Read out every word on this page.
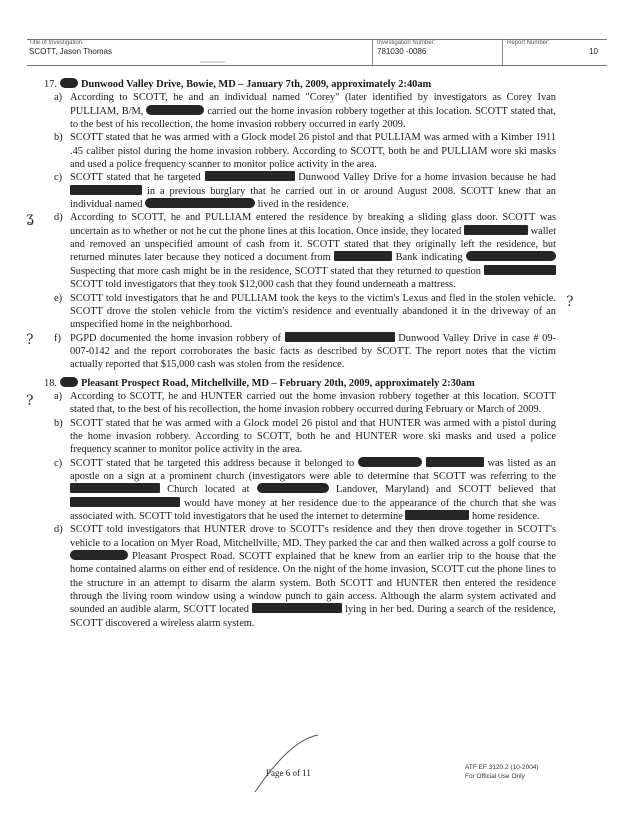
Title of Investigation:
SCOTT, Jason Thomas
Investigation Number:
781030 -0086
Report Number:
10
17. Dunwood Valley Drive, Bowie, MD – January 7th, 2009, approximately 2:40am
a) According to SCOTT, he and an individual named "Corey" (later identified by investigators as Corey Ivan PULLIAM, B/M,	carried out the home invasion robbery together at this location. SCOTT stated that, to the best of his recollection, the home invasion robbery occurred in early 2009.

b) SCOTT stated that he was armed with a Glock model 26 pistol and that PULLIAM was armed with a Kimber 1911 .45 caliber pistol during the home invasion robbery. According to SCOTT, both he and PULLIAM wore ski masks and used a police frequency scanner to monitor police activity in the area.

c) SCOTT stated that he targeted	Dunwood Valley Drive for a home invasion because he had  in a previous burglary that he carried out in or around August 2008. SCOTT knew that an individual named	lived in the residence.

d) According to SCOTT, he and PULLIAM entered the residence by breaking a sliding glass door. SCOTT was uncertain as to whether or not he cut the phone lines at this location. Once inside, they located	wallet and removed an unspecified amount of cash from it. SCOTT stated that they originally left the residence, but returned minutes later because they noticed a document from	Bank indicating  Suspecting that more cash might be in the residence, SCOTT stated that they returned to question  SCOTT told investigators that they took $12,000 cash that they found underneath a mattress.

e) SCOTT told investigators that he and PULLIAM took the keys to the victim's Lexus and fled in the stolen vehicle. SCOTT drove the stolen vehicle from the victim's residence and eventually abandoned it in the driveway of an unspecified home in the neighborhood.

f) PGPD documented the home invasion robbery of	Dunwood Valley Drive in case # 09-007-0142 and the report corroborates the basic facts as described by SCOTT. The report notes that the victim actually reported that $15,000 cash was stolen from the residence.

18. Pleasant Prospect Road, Mitchellville, MD – February 20th, 2009, approximately 2:30am
a) According to SCOTT, he and HUNTER carried out the home invasion robbery together at this location. SCOTT stated that, to the best of his recollection, the home invasion robbery occurred during February or March of 2009.

b) SCOTT stated that he was armed with a Glock model 26 pistol and that HUNTER was armed with a pistol during the home invasion robbery. According to SCOTT, both he and HUNTER wore ski masks and used a police frequency scanner to monitor police activity in the area.

c) SCOTT stated that he targeted this address because it belonged to	was listed as an apostle on a sign at a prominent church (investigators were able to determine that SCOTT was referring to the  Church located at	Landover, Maryland) and SCOTT believed that  would have money at her residence due to the appearance of the church that she was associated with. SCOTT told investigators that he used the internet to determine	home residence.

d) SCOTT told investigators that HUNTER drove to SCOTT's residence and they then drove together in SCOTT's vehicle to a location on Myer Road, Mitchellville, MD. They parked the car and then walked across a golf course to  Pleasant Prospect Road. SCOTT explained that he knew from an earlier trip to the house that the home contained alarms on either end of residence. On the night of the home invasion, SCOTT cut the phone lines to the structure in an attempt to disarm the alarm system. Both SCOTT and HUNTER then entered the residence through the living room window using a window punch to gain access. Although the alarm system activated and sounded an audible alarm, SCOTT located	lying in her bed. During a search of the residence, SCOTT discovered a wireless alarm system.

ʓ
?
?
?
Page 6 of 11
ATF EF 3120.2 (10-2004)
For Official Use Only
